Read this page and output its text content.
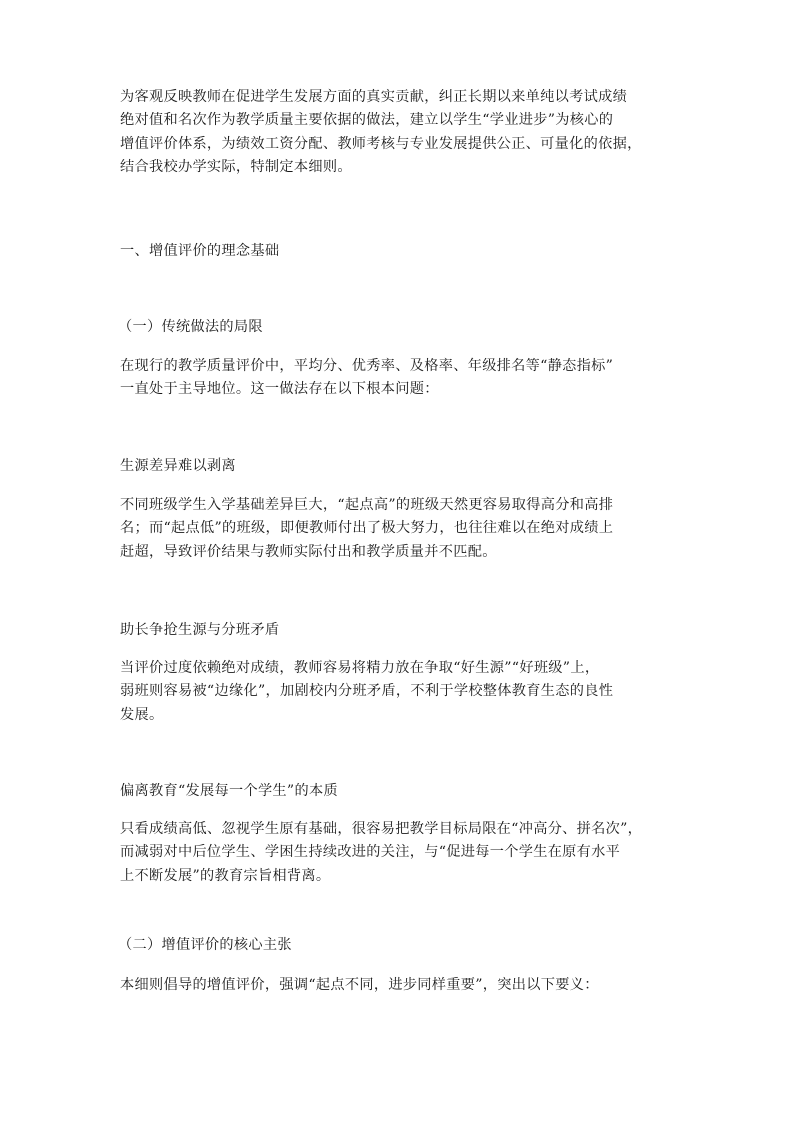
为客观反映教师在促进学生发展方面的真实贡献，纠正长期以来单纯以考试成绩
绝对值和名次作为教学质量主要依据的做法，建立以学生“学业进步”为核心的
增值评价体系，为绩效工资分配、教师考核与专业发展提供公正、可量化的依据，
结合我校办学实际，特制定本细则。

一、增值评价的理念基础
（一）传统做法的局限

在现行的教学质量评价中，平均分、优秀率、及格率、年级排名等“静态指标”
一直处于主导地位。这一做法存在以下根本问题：

生源差异难以剥离

不同班级学生入学基础差异巨大，“起点高”的班级天然更容易取得高分和高排
名；而“起点低”的班级，即便教师付出了极大努力，也往往难以在绝对成绩上
赶超，导致评价结果与教师实际付出和教学质量并不匹配。

助长争抢生源与分班矛盾

当评价过度依赖绝对成绩，教师容易将精力放在争取“好生源”“好班级”上，
弱班则容易被“边缘化”，加剧校内分班矛盾，不利于学校整体教育生态的良性
发展。

偏离教育“发展每一个学生”的本质

只看成绩高低、忽视学生原有基础，很容易把教学目标局限在“冲高分、拼名次”，
而减弱对中后位学生、学困生持续改进的关注，与“促进每一个学生在原有水平
上不断发展”的教育宗旨相背离。

（二）增值评价的核心主张

本细则倡导的增值评价，强调“起点不同，进步同样重要”，突出以下要义：
